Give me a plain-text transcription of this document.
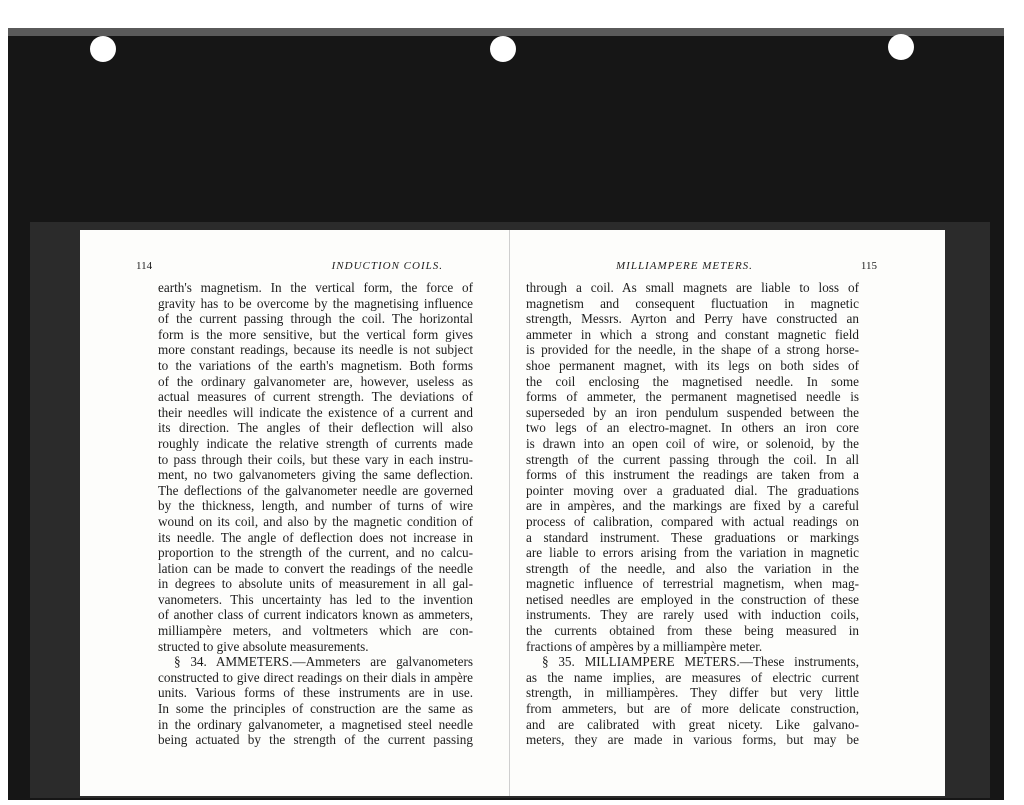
114	INDUCTION COILS.
earth's magnetism. In the vertical form, the force of
gravity has to be overcome by the magnetising influence
of the current passing through the coil. The horizontal
form is the more sensitive, but the vertical form gives
more constant readings, because its needle is not subject
to the variations of the earth's magnetism. Both forms
of the ordinary galvanometer are, however, useless as
actual measures of current strength. The deviations of
their needles will indicate the existence of a current and
its direction. The angles of their deflection will also
roughly indicate the relative strength of currents made
to pass through their coils, but these vary in each instru-
ment, no two galvanometers giving the same deflection.
The deflections of the galvanometer needle are governed
by the thickness, length, and number of turns of wire
wound on its coil, and also by the magnetic condition of
its needle. The angle of deflection does not increase in
proportion to the strength of the current, and no calcu-
lation can be made to convert the readings of the needle
in degrees to absolute units of measurement in all gal-
vanometers. This uncertainty has led to the invention
of another class of current indicators known as ammeters,
milliampère meters, and voltmeters which are con-
structed to give absolute measurements.
§ 34. AMMETERS.—Ammeters are galvanometers
constructed to give direct readings on their dials in ampère
units. Various forms of these instruments are in use.
In some the principles of construction are the same as
in the ordinary galvanometer, a magnetised steel needle
being actuated by the strength of the current passing
MILLIAMPERE METERS.	115
through a coil. As small magnets are liable to loss of
magnetism and consequent fluctuation in magnetic
strength, Messrs. Ayrton and Perry have constructed an
ammeter in which a strong and constant magnetic field
is provided for the needle, in the shape of a strong horse-
shoe permanent magnet, with its legs on both sides of
the coil enclosing the magnetised needle. In some
forms of ammeter, the permanent magnetised needle is
superseded by an iron pendulum suspended between the
two legs of an electro-magnet. In others an iron core
is drawn into an open coil of wire, or solenoid, by the
strength of the current passing through the coil. In all
forms of this instrument the readings are taken from a
pointer moving over a graduated dial. The graduations
are in ampères, and the markings are fixed by a careful
process of calibration, compared with actual readings on
a standard instrument. These graduations or markings
are liable to errors arising from the variation in magnetic
strength of the needle, and also the variation in the
magnetic influence of terrestrial magnetism, when mag-
netised needles are employed in the construction of these
instruments. They are rarely used with induction coils,
the currents obtained from these being measured in
fractions of ampères by a milliampère meter.
§ 35. MILLIAMPERE METERS.—These instruments,
as the name implies, are measures of electric current
strength, in milliampères. They differ but very little
from ammeters, but are of more delicate construction,
and are calibrated with great nicety. Like galvano-
meters, they are made in various forms, but may be
